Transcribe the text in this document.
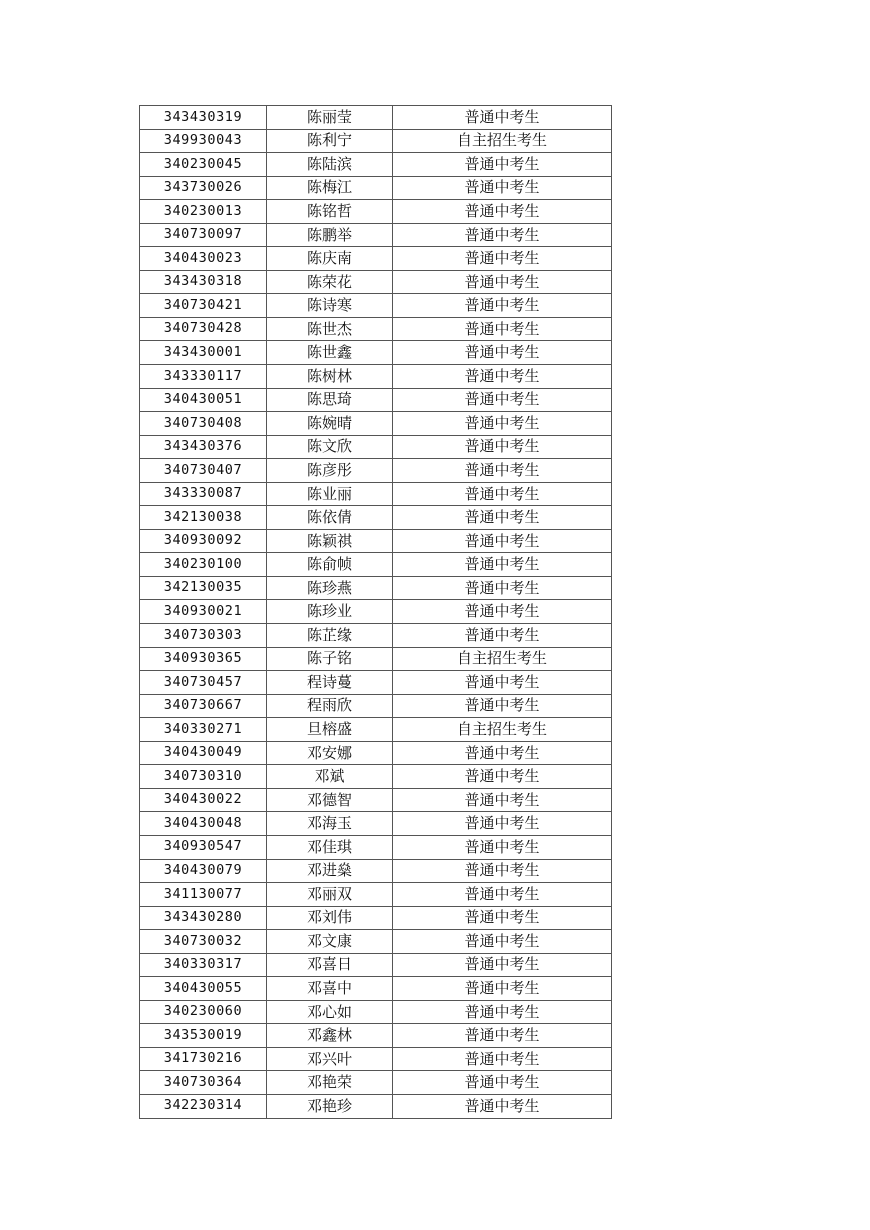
343430319	陈丽莹	普通中考生
349930043	陈利宁	自主招生考生
340230045	陈陆滨	普通中考生
343730026	陈梅江	普通中考生
340230013	陈铭哲	普通中考生
340730097	陈鹏举	普通中考生
340430023	陈庆南	普通中考生
343430318	陈荣花	普通中考生
340730421	陈诗寒	普通中考生
340730428	陈世杰	普通中考生
343430001	陈世鑫	普通中考生
343330117	陈树林	普通中考生
340430051	陈思琦	普通中考生
340730408	陈婉晴	普通中考生
343430376	陈文欣	普通中考生
340730407	陈彦彤	普通中考生
343330087	陈业丽	普通中考生
342130038	陈依倩	普通中考生
340930092	陈颖祺	普通中考生
340230100	陈俞帧	普通中考生
342130035	陈珍燕	普通中考生
340930021	陈珍业	普通中考生
340730303	陈芷缘	普通中考生
340930365	陈子铭	自主招生考生
340730457	程诗蔓	普通中考生
340730667	程雨欣	普通中考生
340330271	旦榕盛	自主招生考生
340430049	邓安娜	普通中考生
340730310	邓斌	普通中考生
340430022	邓德智	普通中考生
340430048	邓海玉	普通中考生
340930547	邓佳琪	普通中考生
340430079	邓进燊	普通中考生
341130077	邓丽双	普通中考生
343430280	邓刘伟	普通中考生
340730032	邓文康	普通中考生
340330317	邓喜日	普通中考生
340430055	邓喜中	普通中考生
340230060	邓心如	普通中考生
343530019	邓鑫林	普通中考生
341730216	邓兴叶	普通中考生
340730364	邓艳荣	普通中考生
342230314	邓艳珍	普通中考生
